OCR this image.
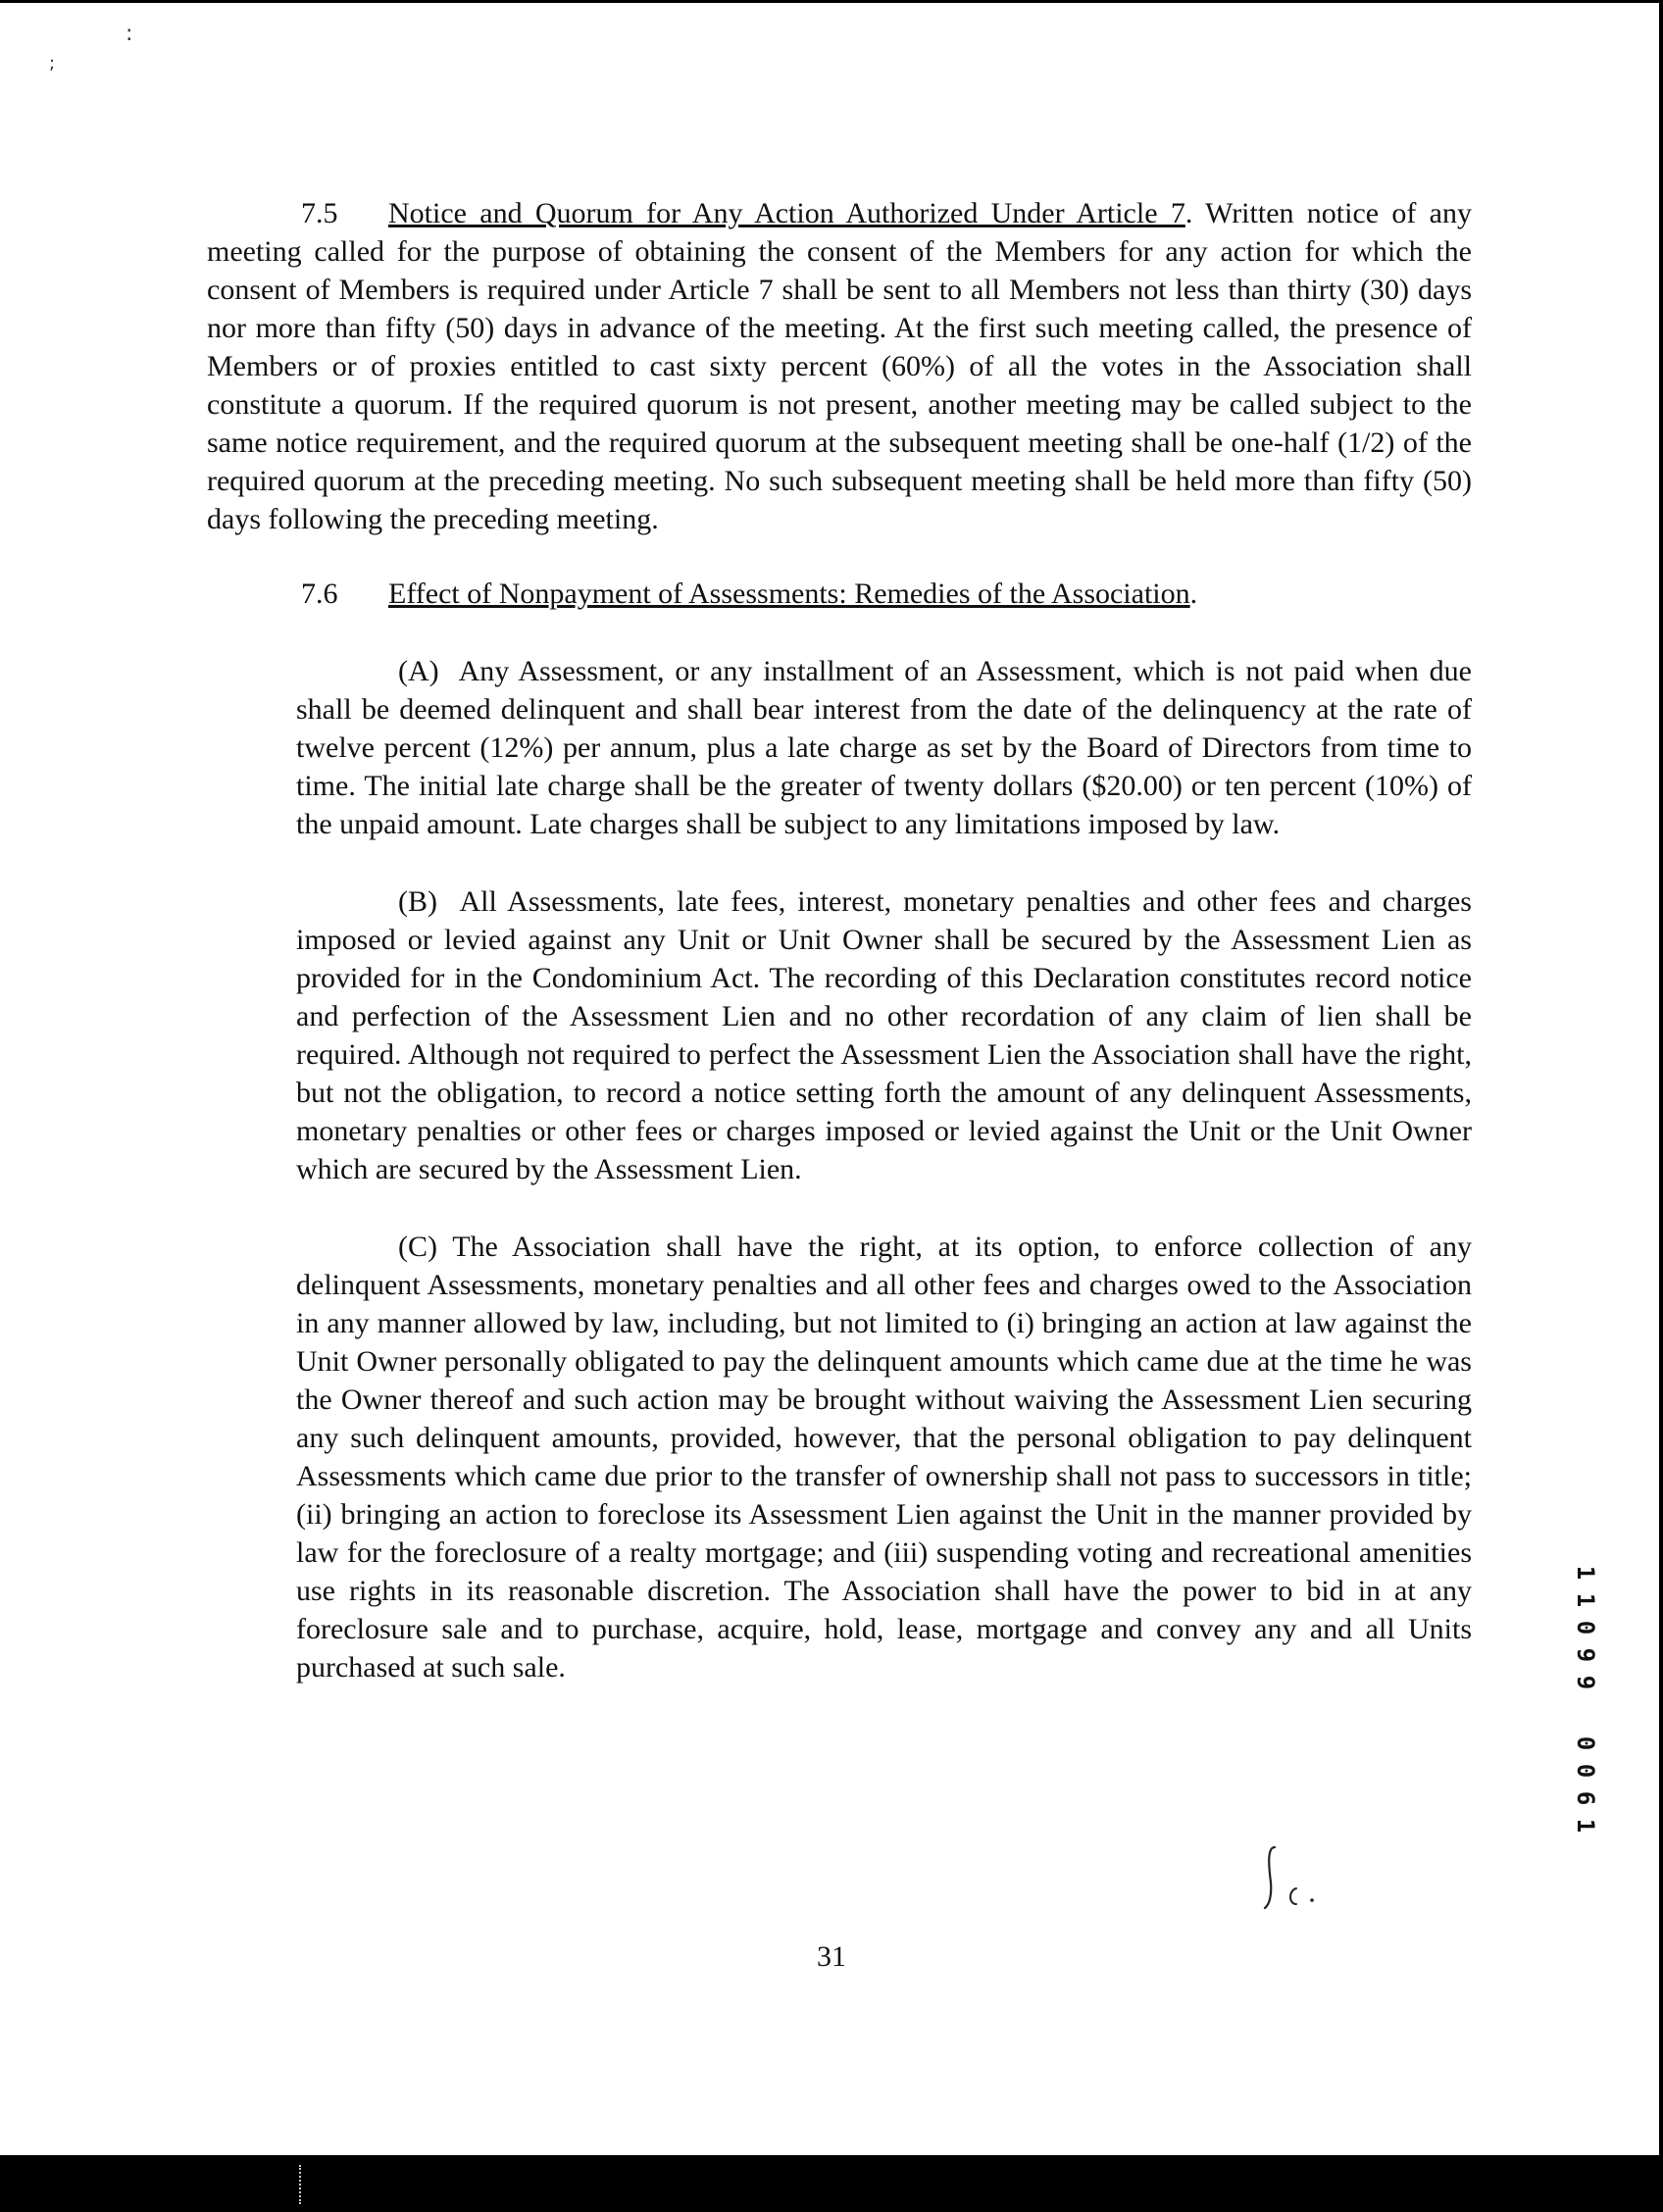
:
;

7.5 Notice and Quorum for Any Action Authorized Under Article 7. Written notice of any meeting called for the purpose of obtaining the consent of the Members for any action for which the consent of Members is required under Article 7 shall be sent to all Members not less than thirty (30) days nor more than fifty (50) days in advance of the meeting. At the first such meeting called, the presence of Members or of proxies entitled to cast sixty percent (60%) of all the votes in the Association shall constitute a quorum. If the required quorum is not present, another meeting may be called subject to the same notice requirement, and the required quorum at the subsequent meeting shall be one-half (1/2) of the required quorum at the preceding meeting. No such subsequent meeting shall be held more than fifty (50) days following the preceding meeting.

7.6 Effect of Nonpayment of Assessments: Remedies of the Association.

(A) Any Assessment, or any installment of an Assessment, which is not paid when due shall be deemed delinquent and shall bear interest from the date of the delinquency at the rate of twelve percent (12%) per annum, plus a late charge as set by the Board of Directors from time to time. The initial late charge shall be the greater of twenty dollars ($20.00) or ten percent (10%) of the unpaid amount. Late charges shall be subject to any limitations imposed by law.

(B) All Assessments, late fees, interest, monetary penalties and other fees and charges imposed or levied against any Unit or Unit Owner shall be secured by the Assessment Lien as provided for in the Condominium Act. The recording of this Declaration constitutes record notice and perfection of the Assessment Lien and no other recordation of any claim of lien shall be required. Although not required to perfect the Assessment Lien the Association shall have the right, but not the obligation, to record a notice setting forth the amount of any delinquent Assessments, monetary penalties or other fees or charges imposed or levied against the Unit or the Unit Owner which are secured by the Assessment Lien.

(C) The Association shall have the right, at its option, to enforce collection of any delinquent Assessments, monetary penalties and all other fees and charges owed to the Association in any manner allowed by law, including, but not limited to (i) bringing an action at law against the Unit Owner personally obligated to pay the delinquent amounts which came due at the time he was the Owner thereof and such action may be brought without waiving the Assessment Lien securing any such delinquent amounts, provided, however, that the personal obligation to pay delinquent Assessments which came due prior to the transfer of ownership shall not pass to successors in title; (ii) bringing an action to foreclose its Assessment Lien against the Unit in the manner provided by law for the foreclosure of a realty mortgage; and (iii) suspending voting and recreational amenities use rights in its reasonable discretion. The Association shall have the power to bid in at any foreclosure sale and to purchase, acquire, hold, lease, mortgage and convey any and all Units purchased at such sale.

31
1
1
0
9
9
0
0
6
1
